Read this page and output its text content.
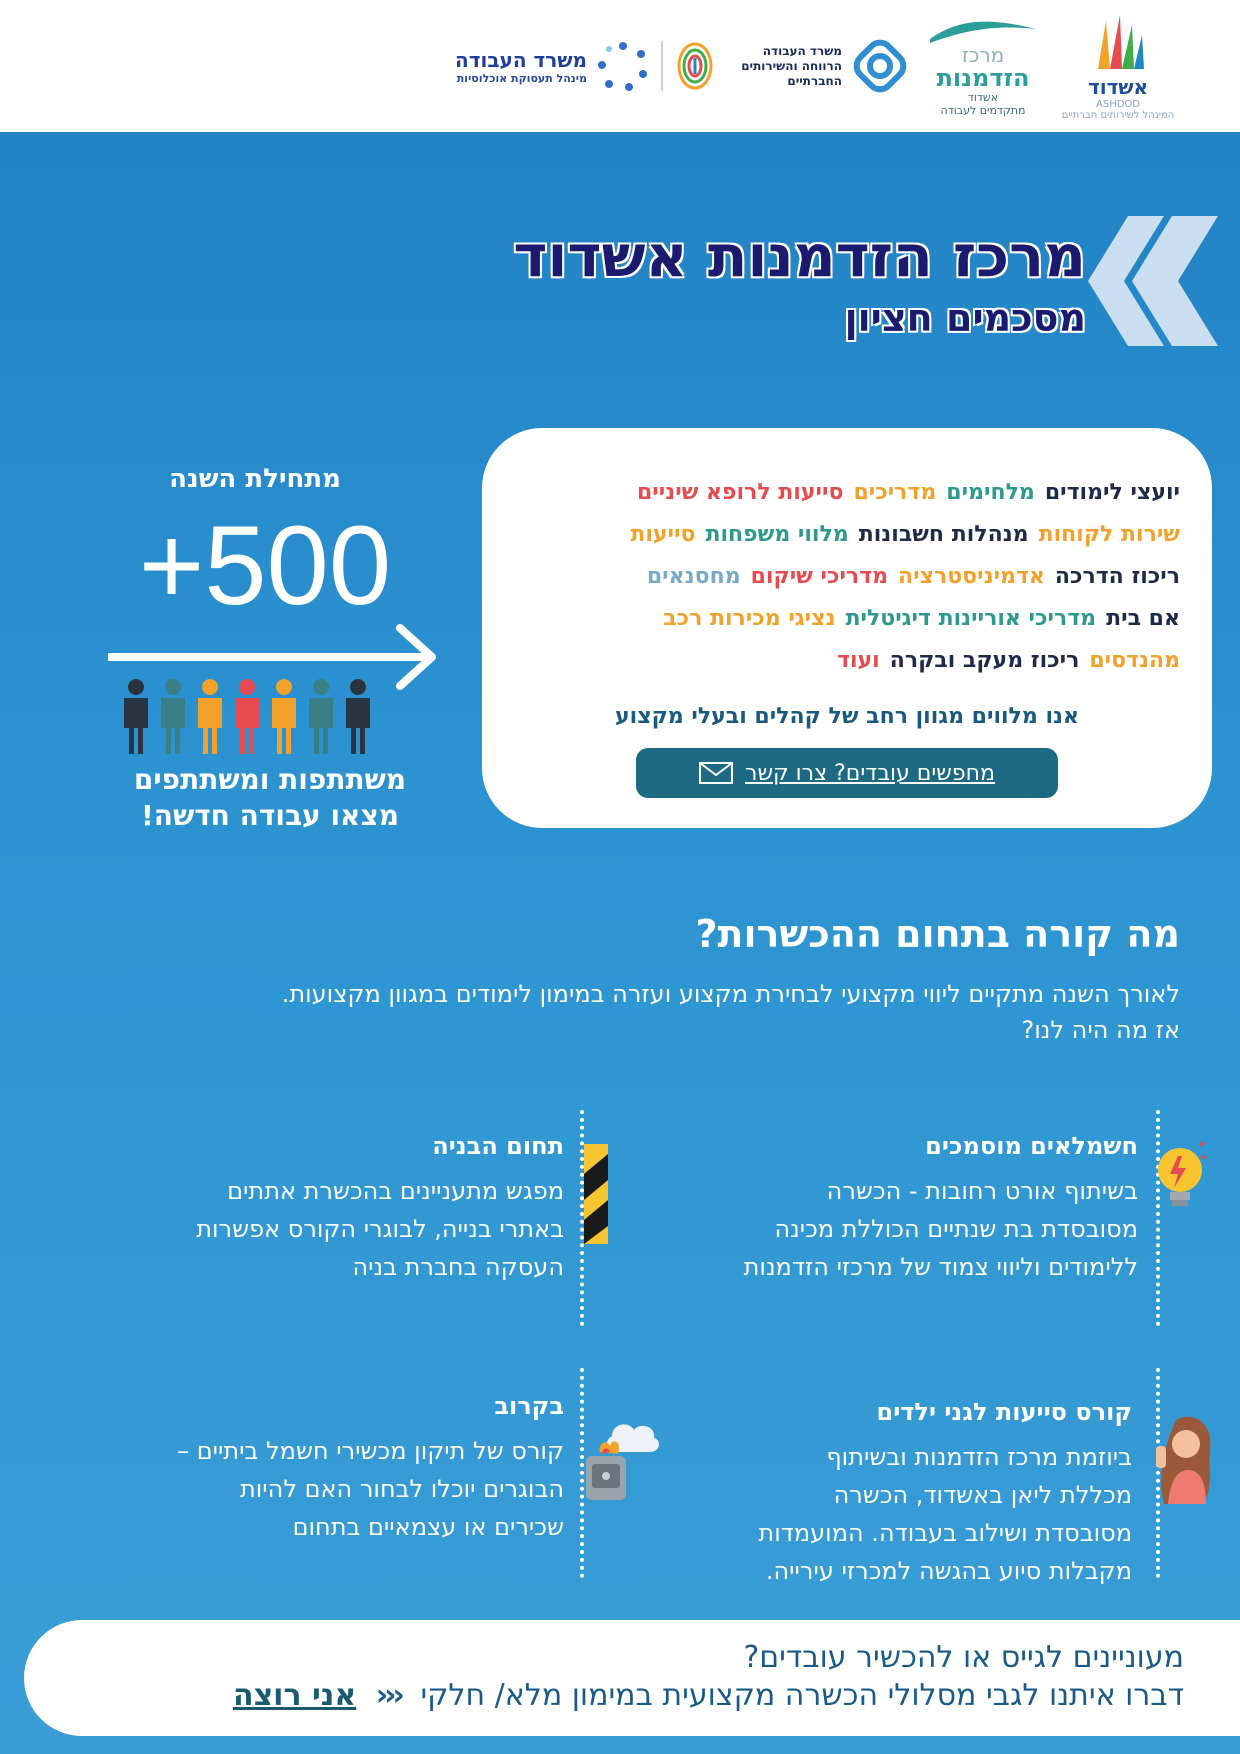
אשדוד
ASHDOD
המינהל לשירותים חברתיים
מרכז
הזדמנות
אשדוד
מתקדמים לעבודה
משרד העבודה
הרווחה והשירותים
החברתיים
משרד העבודה
מינהל תעסוקת אוכלוסיות
מרכז הזדמנות אשדוד
מסכמים חציון
יועצי לימודיםמלחימיםמדריכיםסייעות לרופא שיניים
שירות לקוחותמנהלות חשבונותמלווי משפחותסייעות
ריכוז הדרכהאדמיניסטרציהמדריכי שיקוםמחסנאים
אם ביתמדריכי אוריינות דיגיטליתנציגי מכירות רכב
מהנדסיםריכוז מעקב ובקרהועוד
אנו מלווים מגוון רחב של קהלים ובעלי מקצוע
מחפשים עובדים? צרו קשר
מתחילת השנה
+500
משתתפות ומשתתפים
מצאו עבודה חדשה!
מה קורה בתחום ההכשרות?
לאורך השנה מתקיים ליווי מקצועי לבחירת מקצוע ועזרה במימון לימודים במגוון מקצועות.
אז מה היה לנו?
חשמלאים מוסמכים
בשיתוף אורט רחובות - הכשרה
מסובסדת בת שנתיים הכוללת מכינה
ללימודים וליווי צמוד של מרכזי הזדמנות
תחום הבניה
מפגש מתעניינים בהכשרת אתתים
באתרי בנייה, לבוגרי הקורס אפשרות
העסקה בחברת בניה
קורס סייעות לגני ילדים
ביוזמת מרכז הזדמנות ובשיתוף
מכללת ליאן באשדוד, הכשרה
מסובסדת ושילוב בעבודה. המועמדות
מקבלות סיוע בהגשה למכרזי עירייה.
בקרוב
קורס של תיקון מכשירי חשמל ביתיים –
הבוגרים יוכלו לבחור האם להיות
שכירים או עצמאיים בתחום
מעוניינים לגייס או להכשיר עובדים?
דברו איתנו לגבי מסלולי הכשרה מקצועית במימון מלא/ חלקי ‹‹‹ אני רוצה
